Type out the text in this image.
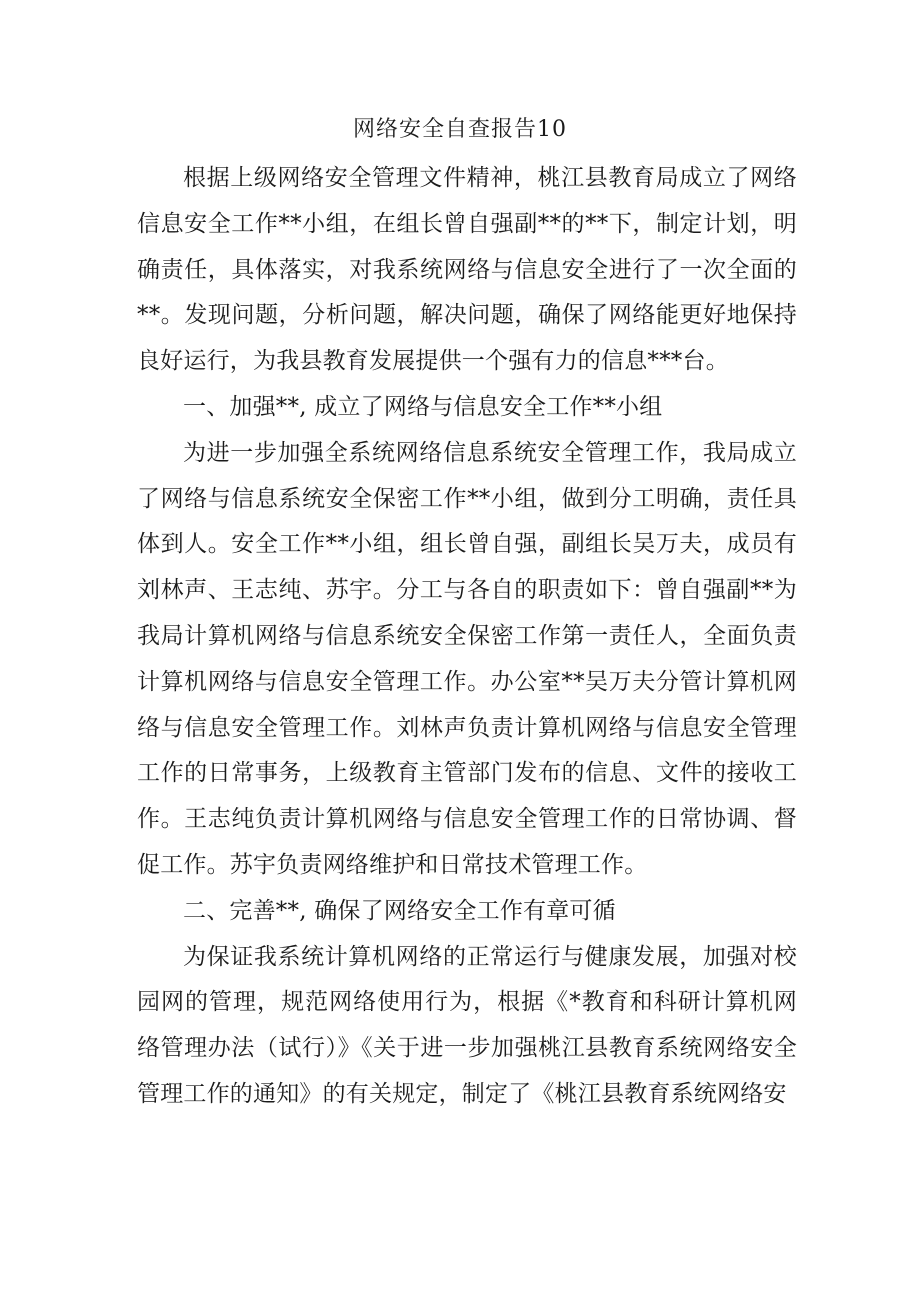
网络安全自查报告10

根据上级网络安全管理文件精神，桃江县教育局成立了网络信息安全工作**小组，在组长曾自强副**的**下，制定计划，明确责任，具体落实，对我系统网络与信息安全进行了一次全面的**。发现问题，分析问题，解决问题，确保了网络能更好地保持良好运行，为我县教育发展提供一个强有力的信息***台。

一、加强**, 成立了网络与信息安全工作**小组

为进一步加强全系统网络信息系统安全管理工作，我局成立了网络与信息系统安全保密工作**小组，做到分工明确，责任具体到人。安全工作**小组，组长曾自强，副组长吴万夫，成员有刘林声、王志纯、苏宇。分工与各自的职责如下：曾自强副**为我局计算机网络与信息系统安全保密工作第一责任人，全面负责计算机网络与信息安全管理工作。办公室**吴万夫分管计算机网络与信息安全管理工作。刘林声负责计算机网络与信息安全管理工作的日常事务，上级教育主管部门发布的信息、文件的接收工作。王志纯负责计算机网络与信息安全管理工作的日常协调、督促工作。苏宇负责网络维护和日常技术管理工作。

二、完善**, 确保了网络安全工作有章可循

为保证我系统计算机网络的正常运行与健康发展，加强对校园网的管理，规范网络使用行为，根据《*教育和科研计算机网络管理办法（试行）》《关于进一步加强桃江县教育系统网络安全管理工作的通知》的有关规定，制定了《桃江县教育系统网络安
